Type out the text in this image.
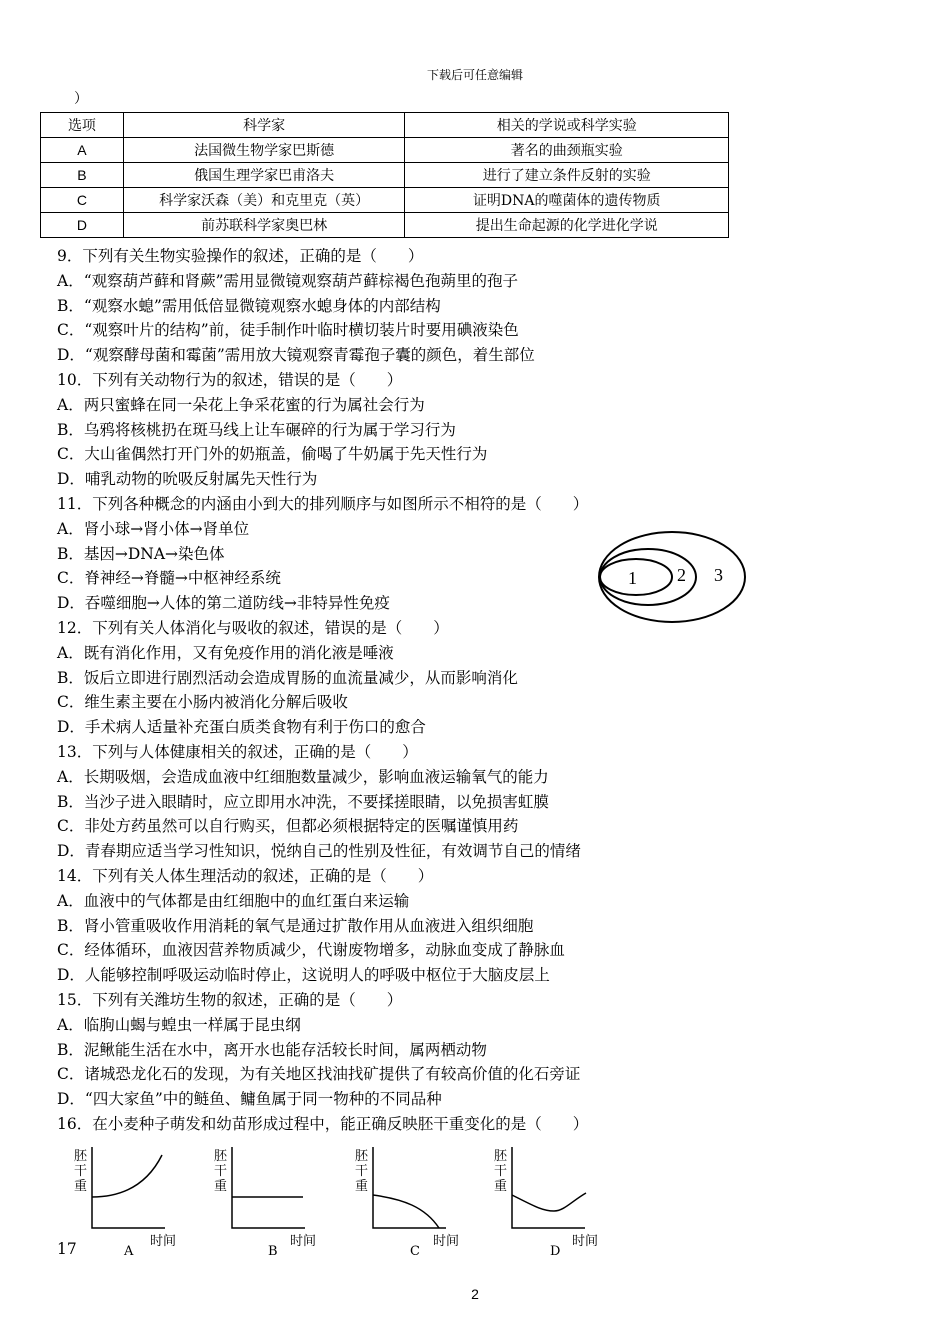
下载后可任意编辑
）
选项	科学家	相关的学说或科学实验
A	法国微生物学家巴斯德	著名的曲颈瓶实验
B	俄国生理学家巴甫洛夫	进行了建立条件反射的实验
C	科学家沃森（美）和克里克（英）	证明DNA的噬菌体的遗传物质
D	前苏联科学家奥巴林	提出生命起源的化学进化学说
9．下列有关生物实验操作的叙述，正确的是（　　）
A．“观察葫芦藓和肾蕨”需用显微镜观察葫芦藓棕褐色孢蒴里的孢子
B．“观察水螅”需用低倍显微镜观察水螅身体的内部结构
C．“观察叶片的结构”前，徒手制作叶临时横切装片时要用碘液染色
D．“观察酵母菌和霉菌”需用放大镜观察青霉孢子囊的颜色，着生部位
10．下列有关动物行为的叙述，错误的是（　　）
A．两只蜜蜂在同一朵花上争采花蜜的行为属社会行为
B．乌鸦将核桃扔在斑马线上让车碾碎的行为属于学习行为
C．大山雀偶然打开门外的奶瓶盖，偷喝了牛奶属于先天性行为
D．哺乳动物的吮吸反射属先天性行为
11．下列各种概念的内涵由小到大的排列顺序与如图所示不相符的是（　　）
A．肾小球→肾小体→肾单位
B．基因→DNA→染色体
C．脊神经→脊髓→中枢神经系统
D．吞噬细胞→人体的第二道防线→非特异性免疫
12．下列有关人体消化与吸收的叙述，错误的是（　　）
A．既有消化作用，又有免疫作用的消化液是唾液
B．饭后立即进行剧烈活动会造成胃肠的血流量减少，从而影响消化
C．维生素主要在小肠内被消化分解后吸收
D．手术病人适量补充蛋白质类食物有利于伤口的愈合
13．下列与人体健康相关的叙述，正确的是（　　）
A．长期吸烟，会造成血液中红细胞数量减少，影响血液运输氧气的能力
B．当沙子进入眼睛时，应立即用水冲洗，不要揉搓眼睛，以免损害虹膜
C．非处方药虽然可以自行购买，但都必须根据特定的医嘱谨慎用药
D．青春期应适当学习性知识，悦纳自己的性别及性征，有效调节自己的情绪
14．下列有关人体生理活动的叙述，正确的是（　　）
A．血液中的气体都是由红细胞中的血红蛋白来运输
B．肾小管重吸收作用消耗的氧气是通过扩散作用从血液进入组织细胞
C．经体循环，血液因营养物质减少，代谢废物增多，动脉血变成了静脉血
D．人能够控制呼吸运动临时停止，这说明人的呼吸中枢位于大脑皮层上
15．下列有关潍坊生物的叙述，正确的是（　　）
A．临朐山蝎与蝗虫一样属于昆虫纲
B．泥鳅能生活在水中，离开水也能存活较长时间，属两栖动物
C．诸城恐龙化石的发现，为有关地区找油找矿提供了有较高价值的化石旁证
D．“四大家鱼”中的鲢鱼、鳙鱼属于同一物种的不同品种
16．在小麦种子萌发和幼苗形成过程中，能正确反映胚干重变化的是（　　）
1 2 3
胚
干
重
A
时间
胚
干
重
B
时间
胚
干
重
C
时间
胚
干
重
D
时间
17
2
